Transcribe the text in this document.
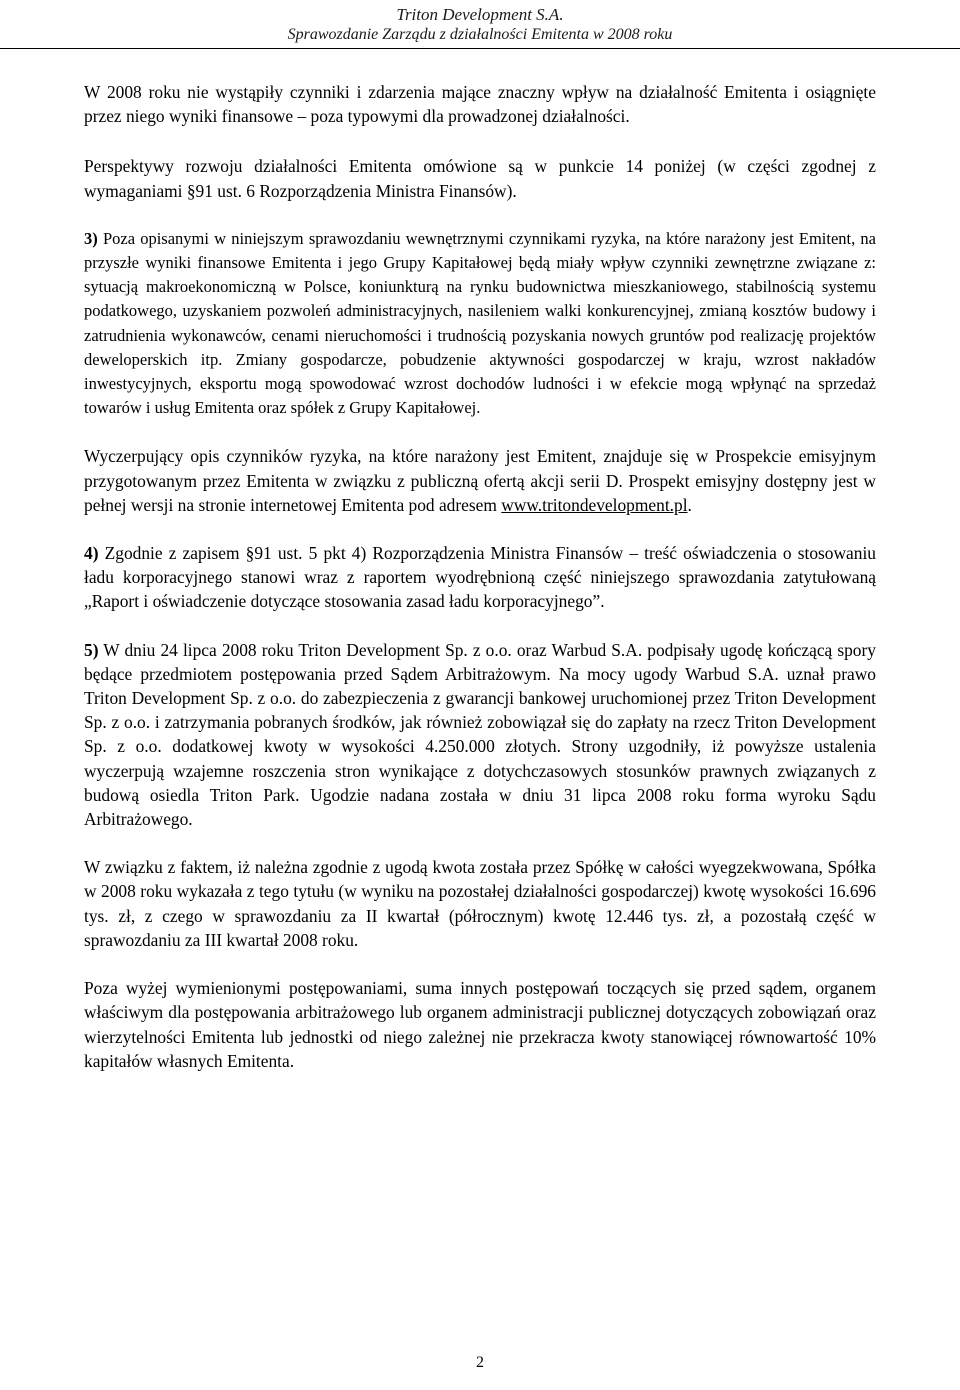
Triton Development S.A.
Sprawozdanie Zarządu z działalności Emitenta w 2008 roku

W 2008 roku nie wystąpiły czynniki i zdarzenia mające znaczny wpływ na działalność Emitenta i osiągnięte przez niego wyniki finansowe – poza typowymi dla prowadzonej działalności.

Perspektywy rozwoju działalności Emitenta omówione są w punkcie 14 poniżej (w części zgodnej z wymaganiami §91 ust. 6 Rozporządzenia Ministra Finansów).

3) Poza opisanymi w niniejszym sprawozdaniu wewnętrznymi czynnikami ryzyka, na które narażony jest Emitent, na przyszłe wyniki finansowe Emitenta i jego Grupy Kapitałowej będą miały wpływ czynniki zewnętrzne związane z: sytuacją makroekonomiczną w Polsce, koniunkturą na rynku budownictwa mieszkaniowego, stabilnością systemu podatkowego, uzyskaniem pozwoleń administracyjnych, nasileniem walki konkurencyjnej, zmianą kosztów budowy i zatrudnienia wykonawców, cenami nieruchomości i trudnością pozyskania nowych gruntów pod realizację projektów deweloperskich itp. Zmiany gospodarcze, pobudzenie aktywności gospodarczej w kraju, wzrost nakładów inwestycyjnych, eksportu mogą spowodować wzrost dochodów ludności i w efekcie mogą wpłynąć na sprzedaż towarów i usług Emitenta oraz spółek z Grupy Kapitałowej.

Wyczerpujący opis czynników ryzyka, na które narażony jest Emitent, znajduje się w Prospekcie emisyjnym przygotowanym przez Emitenta w związku z publiczną ofertą akcji serii D. Prospekt emisyjny dostępny jest w pełnej wersji na stronie internetowej Emitenta pod adresem www.tritondevelopment.pl.

4) Zgodnie z zapisem §91 ust. 5 pkt 4) Rozporządzenia Ministra Finansów – treść oświadczenia o stosowaniu ładu korporacyjnego stanowi wraz z raportem wyodrębnioną część niniejszego sprawozdania zatytułowaną „Raport i oświadczenie dotyczące stosowania zasad ładu korporacyjnego”.

5) W dniu 24 lipca 2008 roku Triton Development Sp. z o.o. oraz Warbud S.A. podpisały ugodę kończącą spory będące przedmiotem postępowania przed Sądem Arbitrażowym. Na mocy ugody Warbud S.A. uznał prawo Triton Development Sp. z o.o. do zabezpieczenia z gwarancji bankowej uruchomionej przez Triton Development Sp. z o.o. i zatrzymania pobranych środków, jak również zobowiązał się do zapłaty na rzecz Triton Development Sp. z o.o. dodatkowej kwoty w wysokości 4.250.000 złotych. Strony uzgodniły, iż powyższe ustalenia wyczerpują wzajemne roszczenia stron wynikające z dotychczasowych stosunków prawnych związanych z budową osiedla Triton Park. Ugodzie nadana została w dniu 31 lipca 2008 roku forma wyroku Sądu Arbitrażowego.

W związku z faktem, iż należna zgodnie z ugodą kwota została przez Spółkę w całości wyegzekwowana, Spółka w 2008 roku wykazała z tego tytułu (w wyniku na pozostałej działalności gospodarczej) kwotę wysokości 16.696 tys. zł, z czego w sprawozdaniu za II kwartał (półrocznym) kwotę 12.446 tys. zł, a pozostałą część w sprawozdaniu za III kwartał 2008 roku.

Poza wyżej wymienionymi postępowaniami, suma innych postępowań toczących się przed sądem, organem właściwym dla postępowania arbitrażowego lub organem administracji publicznej dotyczących zobowiązań oraz wierzytelności Emitenta lub jednostki od niego zależnej nie przekracza kwoty stanowiącej równowartość 10% kapitałów własnych Emitenta.

2
